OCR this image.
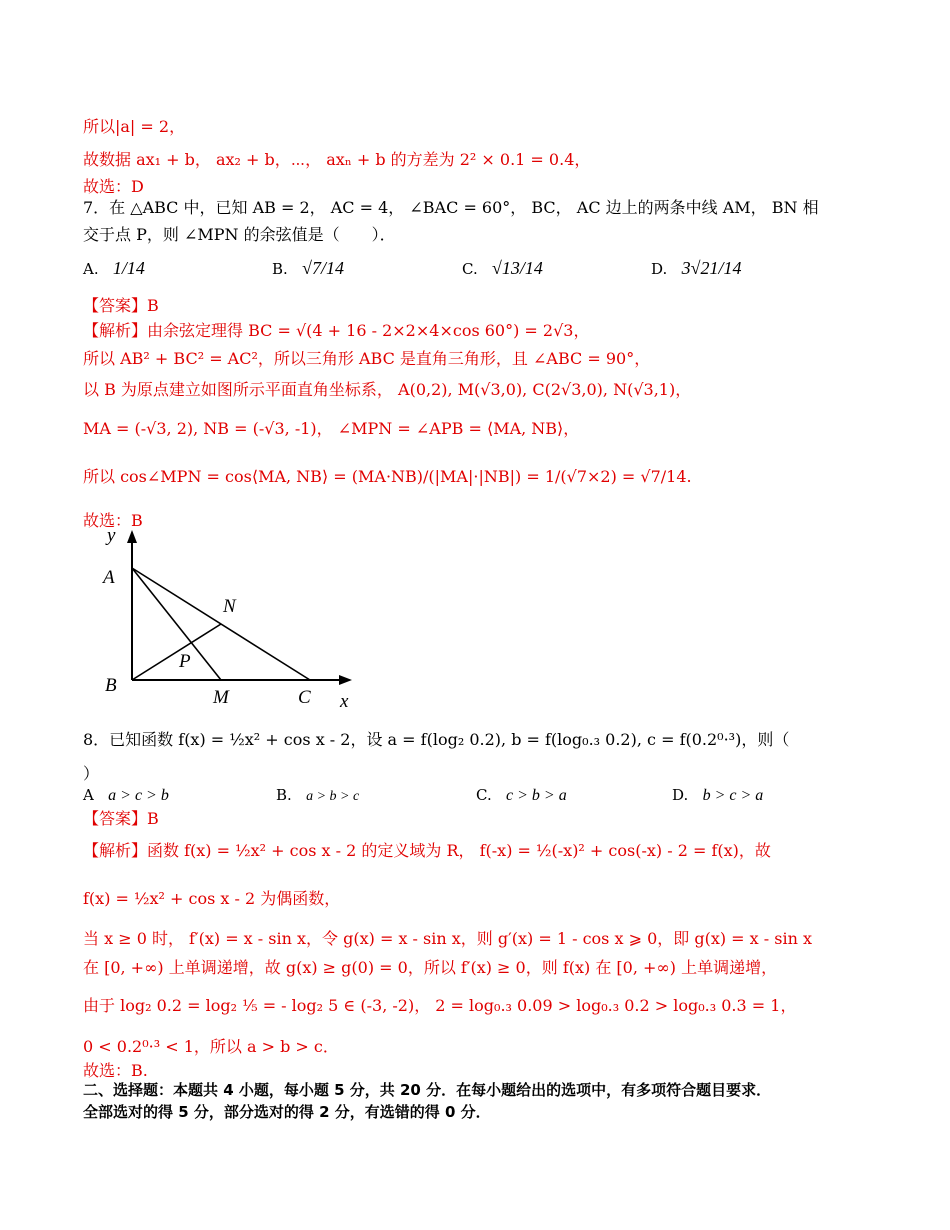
所以|a| = 2，
故数据 ax₁ + b， ax₂ + b，⋯， axₙ + b 的方差为 2² × 0.1 = 0.4，
故选：D
7．在 △ABC 中，已知 AB = 2， AC = 4， ∠BAC = 60°， BC， AC 边上的两条中线 AM， BN 相
交于点 P，则 ∠MPN 的余弦值是（　　）．
A. 1/14	B. √7/14	C. √13/14	D. 3√21/14
【答案】B
【解析】由余弦定理得 BC = √(4 + 16 - 2×2×4×cos 60°) = 2√3，
所以 AB² + BC² = AC²，所以三角形 ABC 是直角三角形，且 ∠ABC = 90°，
以 B 为原点建立如图所示平面直角坐标系， A(0,2), M(√3,0), C(2√3,0), N(√3,1)，
MA = (-√3, 2), NB = (-√3, -1)， ∠MPN = ∠APB = ⟨MA, NB⟩，
所以 cos∠MPN = cos⟨MA, NB⟩ = (MA·NB)/(|MA|·|NB|) = 1/(√7×2) = √7/14.
故选：B
y
A
B
M	C x
N
P
8．已知函数 f(x) = ½x² + cos x - 2，设 a = f(log₂ 0.2), b = f(log₀.₃ 0.2), c = f(0.2⁰·³)，则（
）
A a > c > b	B. a > b > c	C. c > b > a	D. b > c > a
【答案】B
【解析】函数 f(x) = ½x² + cos x - 2 的定义域为 R， f(-x) = ½(-x)² + cos(-x) - 2 = f(x)，故
f(x) = ½x² + cos x - 2 为偶函数，
当 x ≥ 0 时， f′(x) = x - sin x，令 g(x) = x - sin x，则 g′(x) = 1 - cos x ⩾ 0，即 g(x) = x - sin x
在 [0, +∞) 上单调递增，故 g(x) ≥ g(0) = 0，所以 f′(x) ≥ 0，则 f(x) 在 [0, +∞) 上单调递增，
由于 log₂ 0.2 = log₂ ⅕ = - log₂ 5 ∈ (-3, -2)， 2 = log₀.₃ 0.09 > log₀.₃ 0.2 > log₀.₃ 0.3 = 1，
0 < 0.2⁰·³ < 1，所以 a > b > c．
故选：B.
二、选择题：本题共 4 小题，每小题 5 分，共 20 分．在每小题给出的选项中，有多项符合题目要求．
全部选对的得 5 分，部分选对的得 2 分，有选错的得 0 分．
